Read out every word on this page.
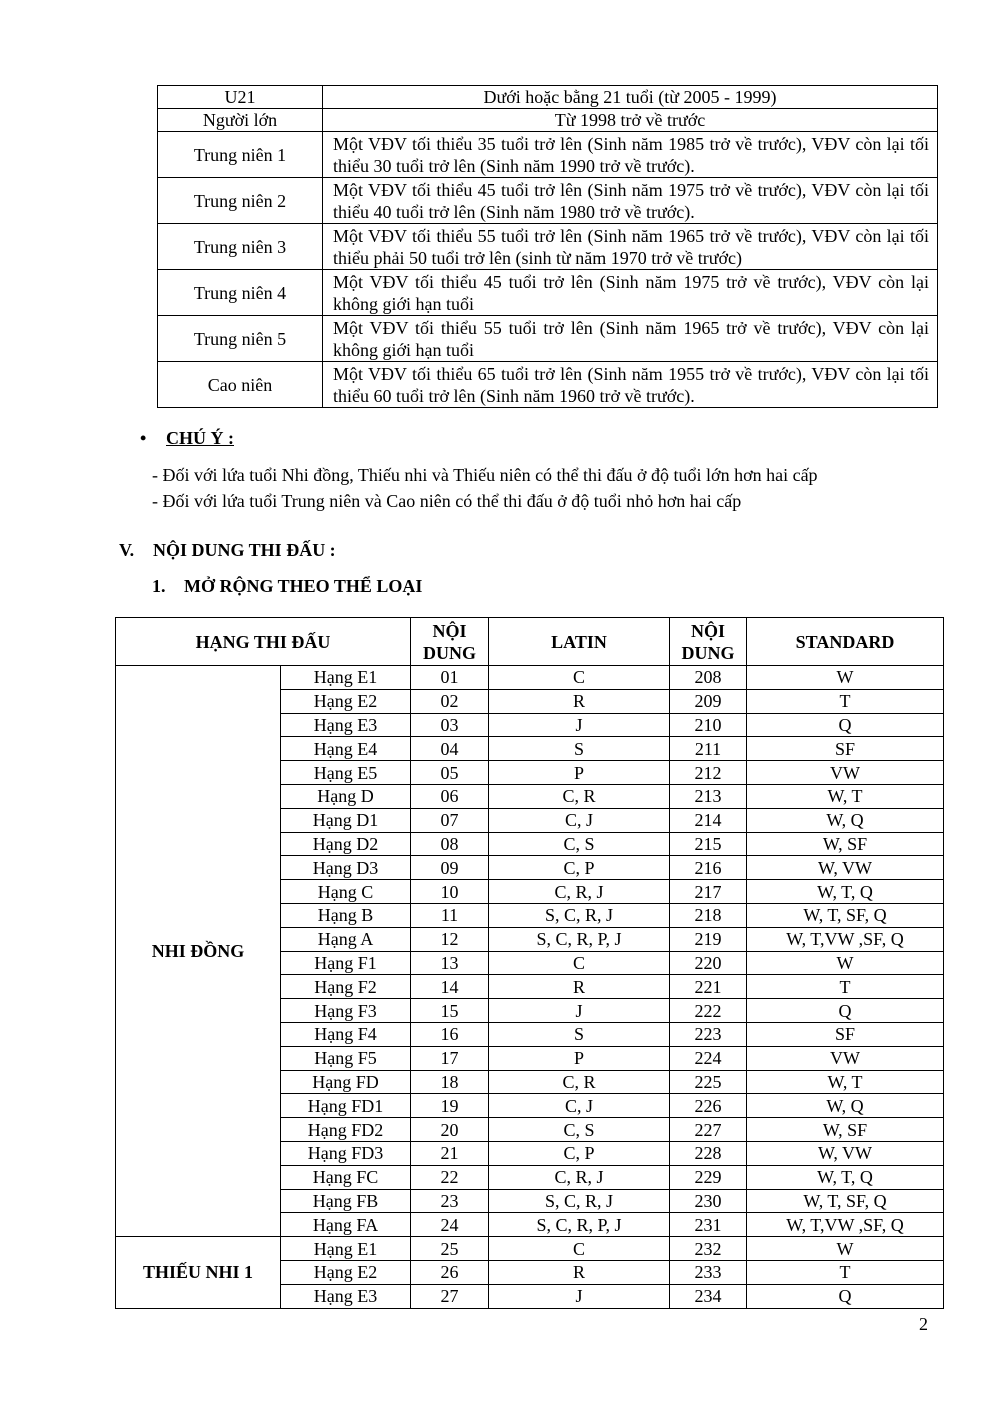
U21	Dưới hoặc bằng 21 tuổi (từ 2005 - 1999)
Người lớn	Từ 1998 trở về trước
Trung niên 1	Một VĐV tối thiểu 35 tuổi trở lên (Sinh năm 1985 trở về trước), VĐV còn lại tối thiểu 30 tuổi trở lên (Sinh năm 1990 trở về trước).
Trung niên 2	Một VĐV tối thiểu 45 tuổi trở lên (Sinh năm 1975 trở về trước), VĐV còn lại tối thiểu 40 tuổi trở lên (Sinh năm 1980 trở về trước).
Trung niên 3	Một VĐV tối thiểu 55 tuổi trở lên (Sinh năm 1965 trở về trước), VĐV còn lại tối thiểu phải 50 tuổi trở lên (sinh từ năm 1970 trở về trước)
Trung niên 4	Một VĐV tối thiểu 45 tuổi trở lên (Sinh năm 1975 trở về trước), VĐV còn lại không giới hạn tuổi
Trung niên 5	Một VĐV tối thiểu 55 tuổi trở lên (Sinh năm 1965 trở về trước), VĐV còn lại không giới hạn tuổi
Cao niên	Một VĐV tối thiểu 65 tuổi trở lên (Sinh năm 1955 trở về trước), VĐV còn lại tối thiểu 60 tuổi trở lên (Sinh năm 1960 trở về trước).
• CHÚ Ý :
- Đối với lứa tuổi Nhi đồng, Thiếu nhi và Thiếu niên có thể thi đấu ở độ tuổi lớn hơn hai cấp
- Đối với lứa tuổi Trung niên và Cao niên có thể thi đấu ở độ tuổi nhỏ hơn hai cấp
V. NỘI DUNG THI ĐẤU :
1. MỞ RỘNG THEO THỂ LOẠI
HẠNG THI ĐẤU		NỘI DUNG	LATIN	NỘI DUNG	STANDARD
NHI ĐỒNG	Hạng E1	01	C	208	W
	Hạng E2	02	R	209	T
	Hạng E3	03	J	210	Q
	Hạng E4	04	S	211	SF
	Hạng E5	05	P	212	VW
	Hạng D	06	C, R	213	W, T
	Hạng D1	07	C, J	214	W, Q
	Hạng D2	08	C, S	215	W, SF
	Hạng D3	09	C, P	216	W, VW
	Hạng C	10	C, R, J	217	W, T, Q
	Hạng B	11	S, C, R, J	218	W, T, SF, Q
	Hạng A	12	S, C, R, P, J	219	W, T,VW ,SF, Q
	Hạng F1	13	C	220	W
	Hạng F2	14	R	221	T
	Hạng F3	15	J	222	Q
	Hạng F4	16	S	223	SF
	Hạng F5	17	P	224	VW
	Hạng FD	18	C, R	225	W, T
	Hạng FD1	19	C, J	226	W, Q
	Hạng FD2	20	C, S	227	W, SF
	Hạng FD3	21	C, P	228	W, VW
	Hạng FC	22	C, R, J	229	W, T, Q
	Hạng FB	23	S, C, R, J	230	W, T, SF, Q
	Hạng FA	24	S, C, R, P, J	231	W, T,VW ,SF, Q
THIẾU NHI 1	Hạng E1	25	C	232	W
	Hạng E2	26	R	233	T
	Hạng E3	27	J	234	Q
2
